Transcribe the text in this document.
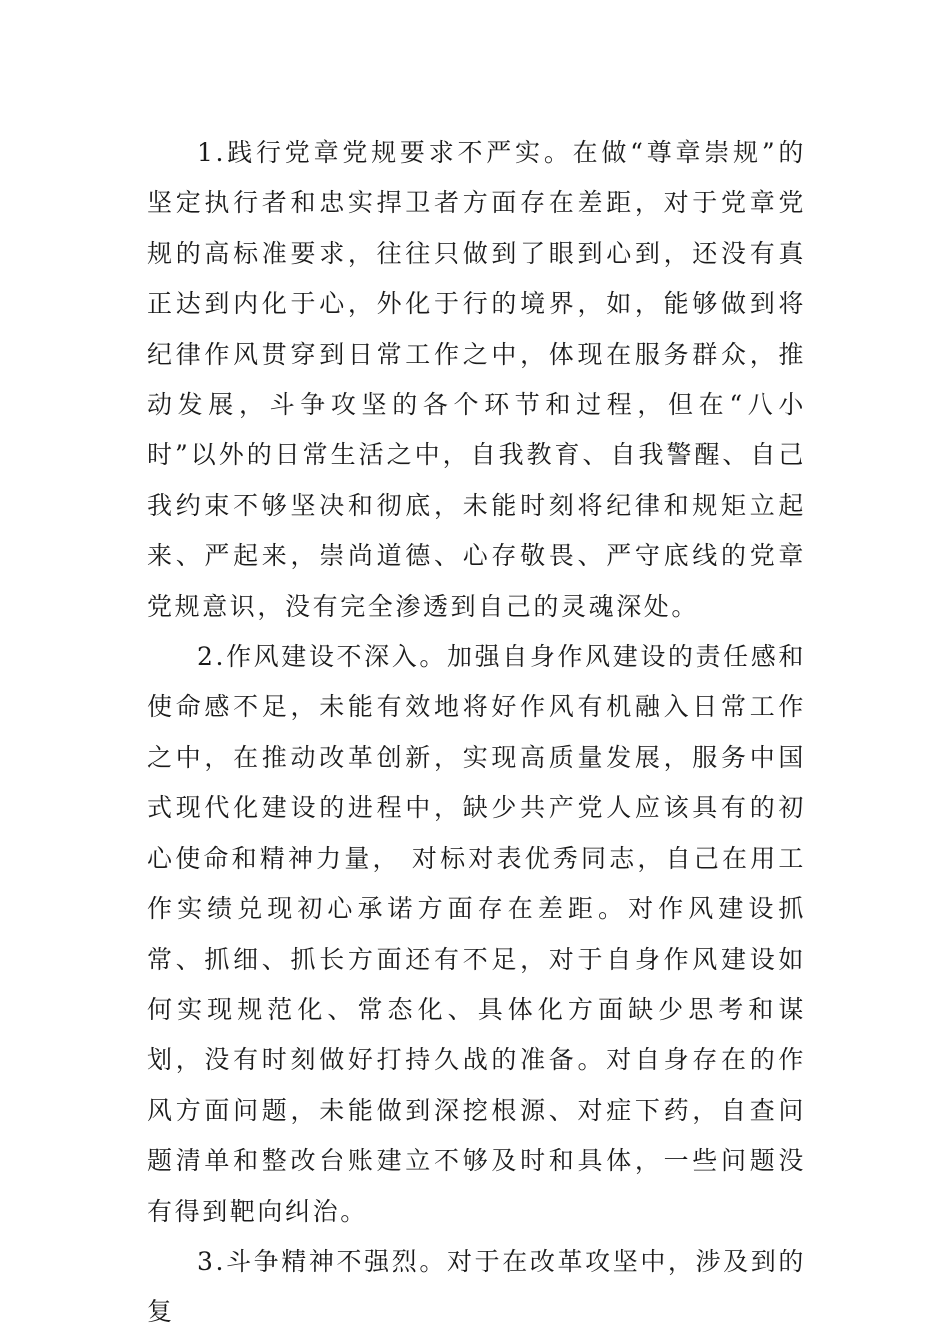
1.践行党章党规要求不严实。在做“尊章崇规”的坚定执行者和忠实捍卫者方面存在差距，对于党章党规的高标准要求，往往只做到了眼到心到，还没有真正达到内化于心，外化于行的境界，如，能够做到将纪律作风贯穿到日常工作之中，体现在服务群众，推动发展，斗争攻坚的各个环节和过程，但在“八小时”以外的日常生活之中，自我教育、自我警醒、自己我约束不够坚决和彻底，未能时刻将纪律和规矩立起来、严起来，崇尚道德、心存敬畏、严守底线的党章党规意识，没有完全渗透到自己的灵魂深处。

2.作风建设不深入。加强自身作风建设的责任感和使命感不足，未能有效地将好作风有机融入日常工作之中，在推动改革创新，实现高质量发展，服务中国式现代化建设的进程中，缺少共产党人应该具有的初心使命和精神力量， 对标对表优秀同志，自己在用工作实绩兑现初心承诺方面存在差距。对作风建设抓常、抓细、抓长方面还有不足，对于自身作风建设如何实现规范化、常态化、具体化方面缺少思考和谋划，没有时刻做好打持久战的准备。对自身存在的作风方面问题，未能做到深挖根源、对症下药，自查问题清单和整改台账建立不够及时和具体，一些问题没有得到靶向纠治。

3.斗争精神不强烈。对于在改革攻坚中，涉及到的复
